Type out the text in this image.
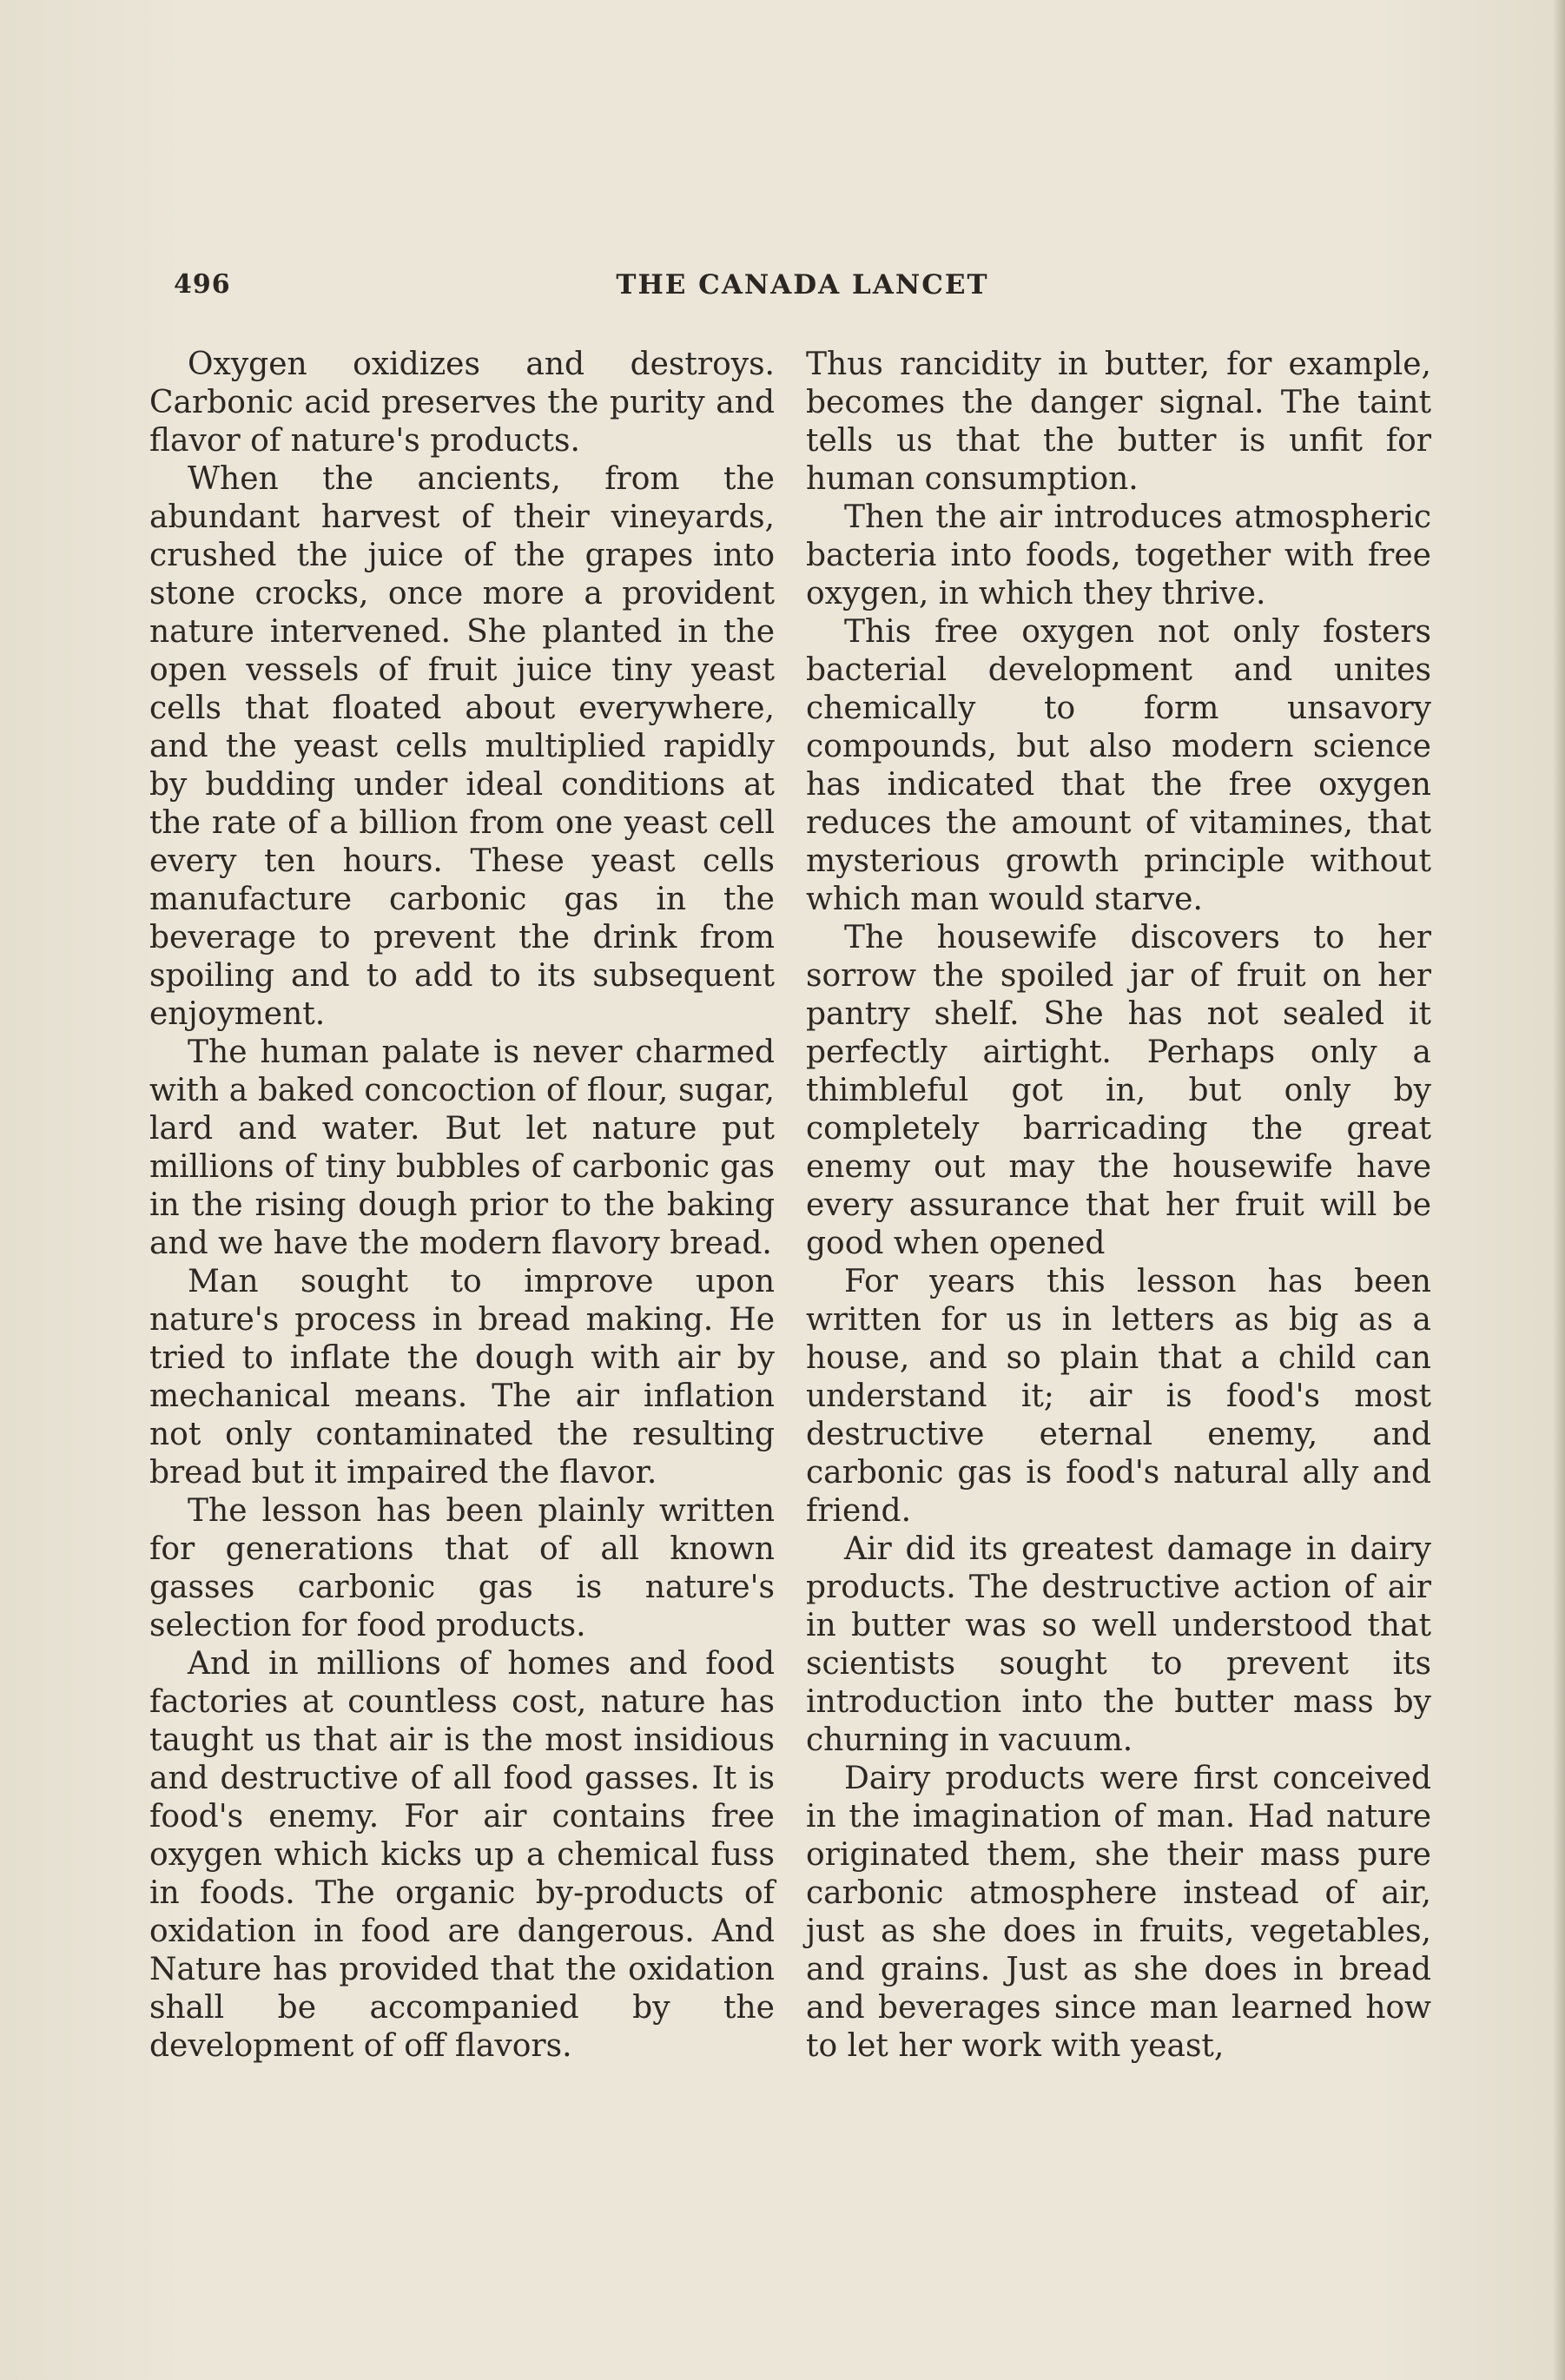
496	THE CANADA LANCET

Oxygen oxidizes and destroys. Carbonic acid preserves the purity and flavor of nature's products.

When the ancients, from the abundant harvest of their vineyards, crushed the juice of the grapes into stone crocks, once more a provident nature intervened. She planted in the open vessels of fruit juice tiny yeast cells that floated about everywhere, and the yeast cells multiplied rapidly by budding under ideal conditions at the rate of a billion from one yeast cell every ten hours. These yeast cells manufacture carbonic gas in the beverage to prevent the drink from spoiling and to add to its subsequent enjoyment.

The human palate is never charmed with a baked concoction of flour, sugar, lard and water. But let nature put millions of tiny bubbles of carbonic gas in the rising dough prior to the baking and we have the modern flavory bread.

Man sought to improve upon nature's process in bread making. He tried to inflate the dough with air by mechanical means. The air inflation not only contaminated the resulting bread but it impaired the flavor.

The lesson has been plainly written for generations that of all known gasses carbonic gas is nature's selection for food products.

And in millions of homes and food factories at countless cost, nature has taught us that air is the most insidious and destructive of all food gasses. It is food's enemy. For air contains free oxygen which kicks up a chemical fuss in foods. The organic by-products of oxidation in food are dangerous. And Nature has provided that the oxidation shall be accompanied by the development of off flavors.

Thus rancidity in butter, for example, becomes the danger signal. The taint tells us that the butter is unfit for human consumption.

Then the air introduces atmospheric bacteria into foods, together with free oxygen, in which they thrive.

This free oxygen not only fosters bacterial development and unites chemically to form unsavory compounds, but also modern science has indicated that the free oxygen reduces the amount of vitamines, that mysterious growth principle without which man would starve.

The housewife discovers to her sorrow the spoiled jar of fruit on her pantry shelf. She has not sealed it perfectly airtight. Perhaps only a thimbleful got in, but only by completely barricading the great enemy out may the housewife have every assurance that her fruit will be good when opened

For years this lesson has been written for us in letters as big as a house, and so plain that a child can understand it; air is food's most destructive eternal enemy, and carbonic gas is food's natural ally and friend.

Air did its greatest damage in dairy products. The destructive action of air in butter was so well understood that scientists sought to prevent its introduction into the butter mass by churning in vacuum.

Dairy products were first conceived in the imagination of man. Had nature originated them, she their mass pure carbonic atmosphere instead of air, just as she does in fruits, vegetables, and grains. Just as she does in bread and beverages since man learned how to let her work with yeast,
